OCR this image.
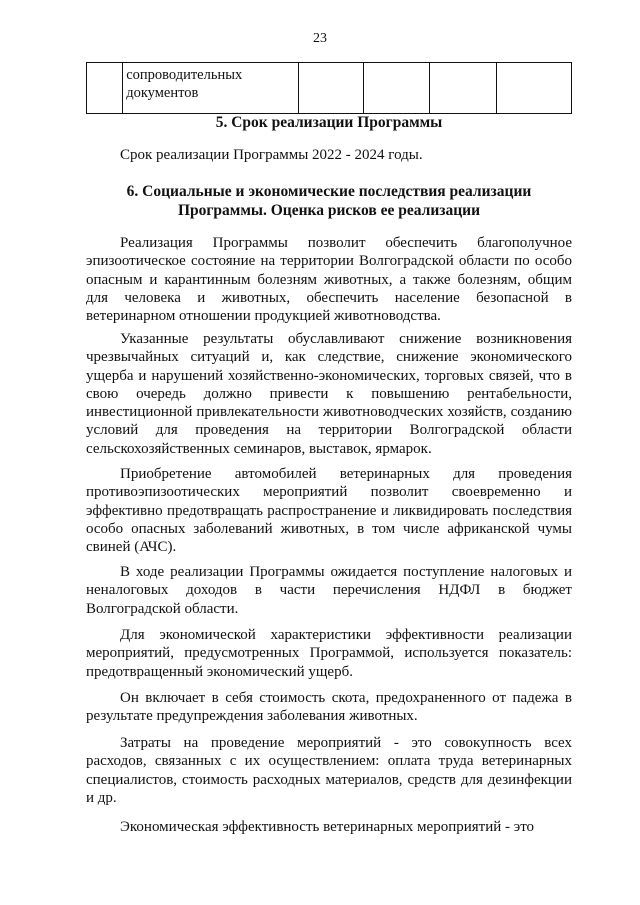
23
	сопроводительных документов				
5. Срок реализации Программы
Срок реализации Программы 2022 - 2024 годы.
6. Социальные и экономические последствия реализации Программы. Оценка рисков ее реализации
Реализация Программы позволит обеспечить благополучное эпизоотическое состояние на территории Волгоградской области по особо опасным и карантинным болезням животных, а также болезням, общим для человека и животных, обеспечить население безопасной в ветеринарном отношении продукцией животноводства.
Указанные результаты обуславливают снижение возникновения чрезвычайных ситуаций и, как следствие, снижение экономического ущерба и нарушений хозяйственно-экономических, торговых связей, что в свою очередь должно привести к повышению рентабельности, инвестиционной привлекательности животноводческих хозяйств, созданию условий для проведения на территории Волгоградской области сельскохозяйственных семинаров, выставок, ярмарок.
Приобретение автомобилей ветеринарных для проведения противоэпизоотических мероприятий позволит своевременно и эффективно предотвращать распространение и ликвидировать последствия особо опасных заболеваний животных, в том числе африканской чумы свиней (АЧС).
В ходе реализации Программы ожидается поступление налоговых и неналоговых доходов в части перечисления НДФЛ в бюджет Волгоградской области.
Для экономической характеристики эффективности реализации мероприятий, предусмотренных Программой, используется показатель: предотвращенный экономический ущерб.
Он включает в себя стоимость скота, предохраненного от падежа в результате предупреждения заболевания животных.
Затраты на проведение мероприятий - это совокупность всех расходов, связанных с их осуществлением: оплата труда ветеринарных специалистов, стоимость расходных материалов, средств для дезинфекции и др.
Экономическая эффективность ветеринарных мероприятий - это
